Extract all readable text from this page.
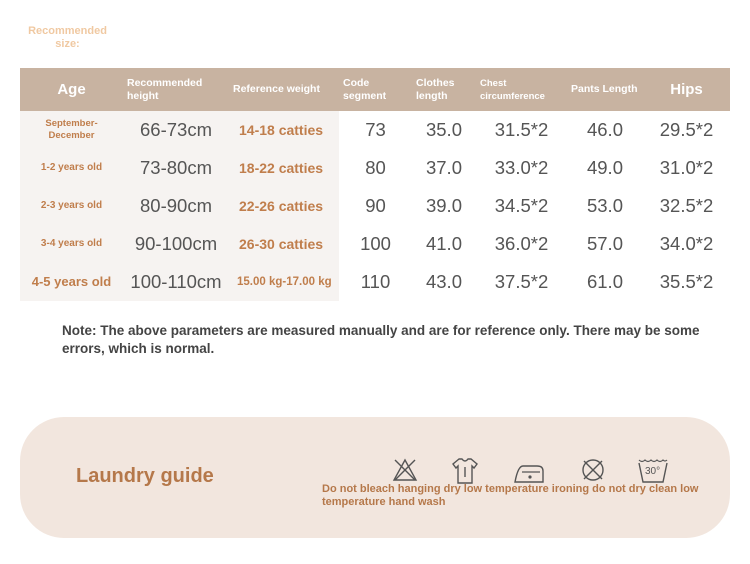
Recommended size:
Age	Recommended height	Reference weight	Code segment	Clothes length	Chest circumference	Pants Length	Hips
September-December	66-73cm	14-18 catties	73	35.0	31.5*2	46.0	29.5*2
1-2 years old	73-80cm	18-22 catties	80	37.0	33.0*2	49.0	31.0*2
2-3 years old	80-90cm	22-26 catties	90	39.0	34.5*2	53.0	32.5*2
3-4 years old	90-100cm	26-30 catties	100	41.0	36.0*2	57.0	34.0*2
4-5 years old	100-110cm	15.00 kg-17.00 kg	110	43.0	37.5*2	61.0	35.5*2
Note: The above parameters are measured manually and are for reference only. There may be some errors, which is normal.
Laundry guide	30°
Do not bleach hanging dry low temperature ironing do not dry clean low temperature hand wash
